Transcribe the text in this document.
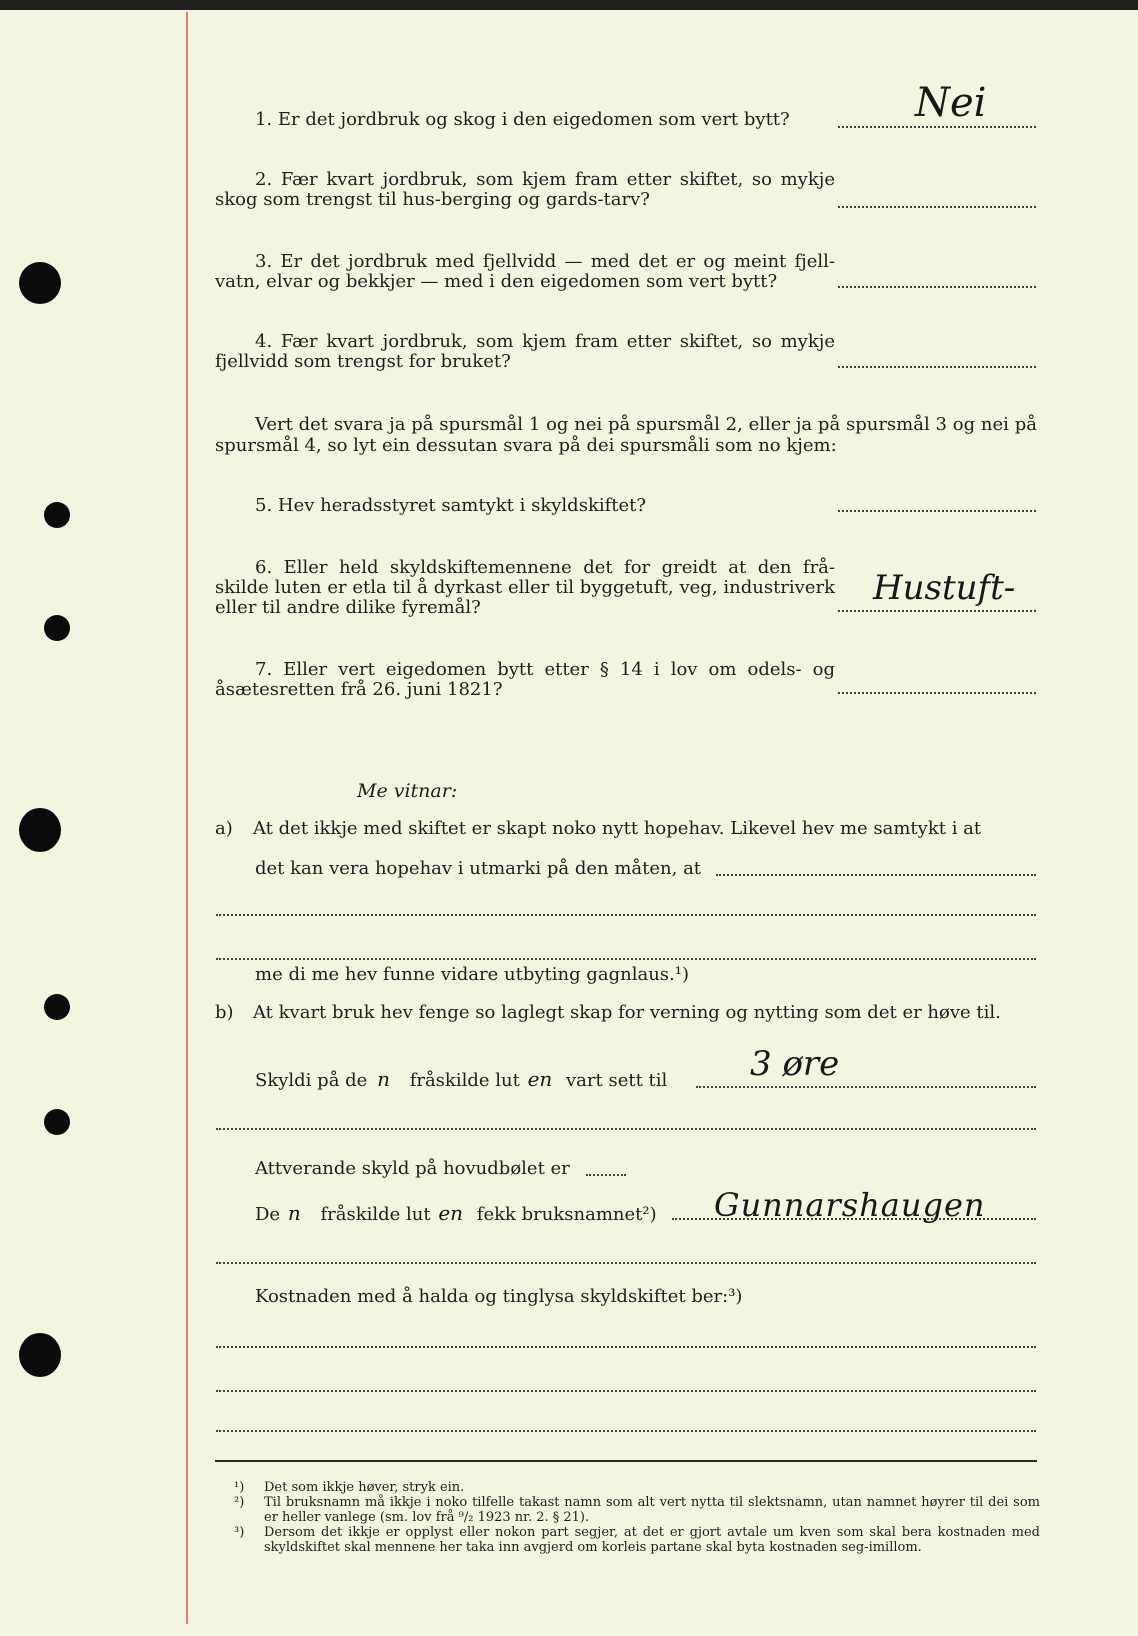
1. Er det jordbruk og skog i den eigedomen som vert bytt?	Nei
2. Fær kvart jordbruk, som kjem fram etter skiftet, so mykje skog som trengst til hus-berging og gards-tarv?
3. Er det jordbruk med fjellvidd — med det er og meint fjell-vatn, elvar og bekkjer — med i den eigedomen som vert bytt?
4. Fær kvart jordbruk, som kjem fram etter skiftet, so mykje fjellvidd som trengst for bruket?
Vert det svara ja på spursmål 1 og nei på spursmål 2, eller ja på spursmål 3 og nei på spursmål 4, so lyt ein dessutan svara på dei spursmåli som no kjem:
5. Hev heradsstyret samtykt i skyldskiftet?
6. Eller held skyldskiftemennene det for greidt at den frå-skilde luten er etla til å dyrkast eller til byggetuft, veg, industriverk eller til andre dilike fyremål?	Hustuft-
7. Eller vert eigedomen bytt etter § 14 i lov om odels- og åsætesretten frå 26. juni 1821?
Me vitnar:
a) At det ikkje med skiftet er skapt noko nytt hopehav. Likevel hev me samtykt i at
det kan vera hopehav i utmarki på den måten, at
me di me hev funne vidare utbyting gagnlaus.¹)
b) At kvart bruk hev fenge so laglegt skap for verning og nytting som det er høve til.
Skyldi på de n fråskilde lut en vart sett til 3 øre
Attverande skyld på hovudbølet er
De n fråskilde lut en fekk bruksnamnet²) Gunnarshaugen
Kostnaden med å halda og tinglysa skyldskiftet ber:³)
¹)	Det som ikkje høver, stryk ein.
²)	Til bruksnamn må ikkje i noko tilfelle takast namn som alt vert nytta til slektsnamn, utan namnet høyrer til dei som er heller vanlege (sm. lov frå ⁹/₂ 1923 nr. 2. § 21).
³)	Dersom det ikkje er opplyst eller nokon part segjer, at det er gjort avtale um kven som skal bera kostnaden med skyldskiftet skal mennene her taka inn avgjerd om korleis partane skal byta kostnaden seg-imillom.
